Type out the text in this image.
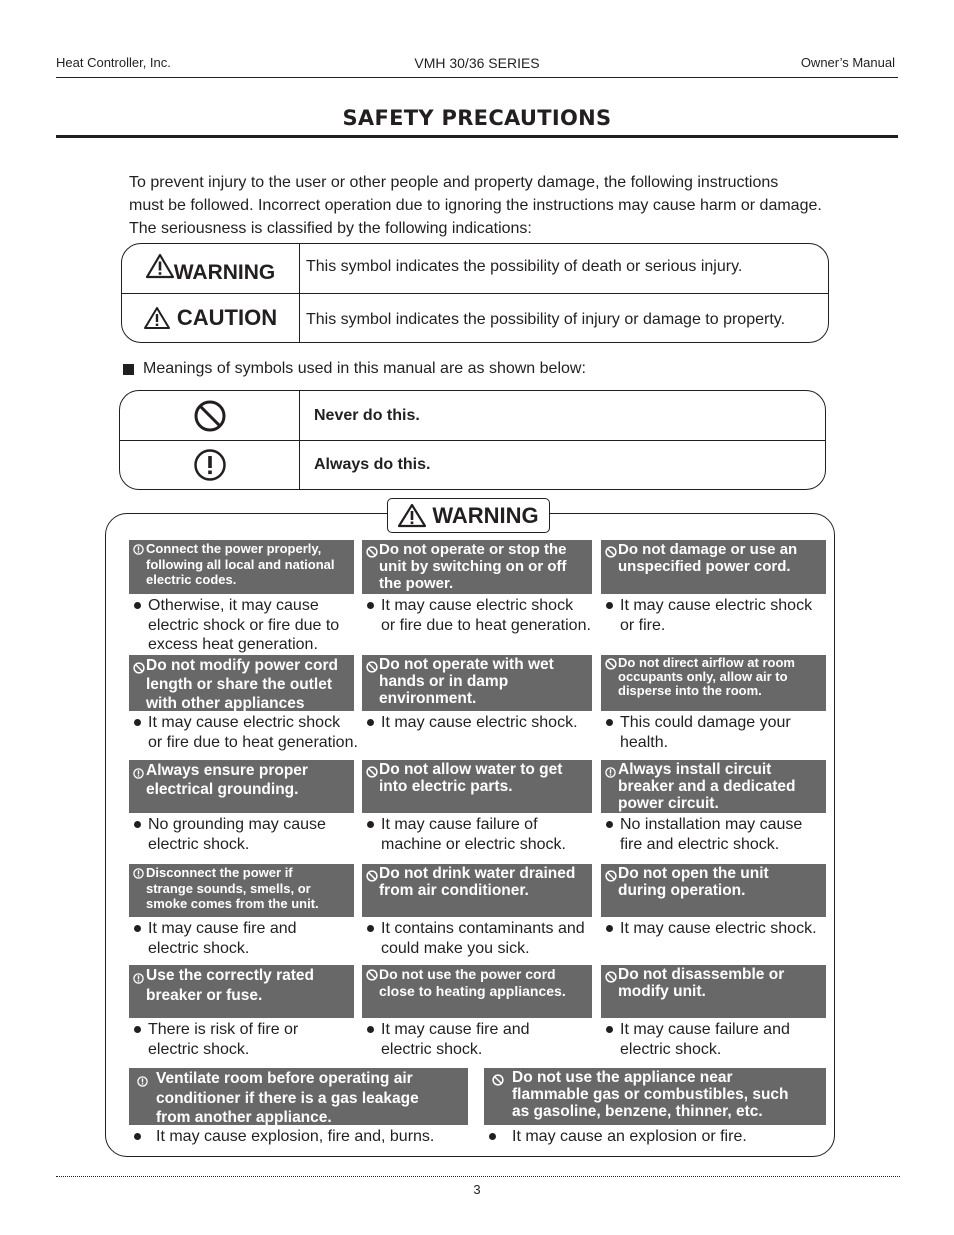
Heat Controller, Inc.	VMH 30/36 SERIES	Owner’s Manual
SAFETY PRECAUTIONS
To prevent injury to the user or other people and property damage, the following instructions
must be followed. Incorrect operation due to ignoring the instructions may cause harm or damage.
The seriousness is classified by the following indications:
WARNING	This symbol indicates the possibility of death or serious injury.
CAUTION	This symbol indicates the possibility of injury or damage to property.
Meanings of symbols used in this manual are as shown below:
Never do this.
Always do this.
WARNING
Connect the power properly,
following all local and national
electric codes.
Otherwise, it may cause
electric shock or fire due to
excess heat generation.
Do not operate or stop the
unit by switching on or off
the power.
It may cause electric shock
or fire due to heat generation.
Do not damage or use an
unspecified power cord.
It may cause electric shock
or fire.
Do not modify power cord
length or share the outlet
with other appliances
It may cause electric shock
or fire due to heat generation.
Do not operate with wet
hands or in damp
environment.
It may cause electric shock.
Do not direct airflow at room
occupants only, allow air to
disperse into the room.
This could damage your
health.
Always ensure proper
electrical grounding.
No grounding may cause
electric shock.
Do not allow water to get
into electric parts.
It may cause failure of
machine or electric shock.
Always install circuit
breaker and a dedicated
power circuit.
No installation may cause
fire and electric shock.
Disconnect the power if
strange sounds, smells, or
smoke comes from the unit.
It may cause fire and
electric shock.
Do not drink water drained
from air conditioner.
It contains contaminants and
could make you sick.
Do not open the unit
during operation.
It may cause electric shock.
Use the correctly rated
breaker or fuse.
There is risk of fire or
electric shock.
Do not use the power cord
close to heating appliances.
It may cause fire and
electric shock.
Do not disassemble or
modify unit.
It may cause failure and
electric shock.
Ventilate room before operating air
conditioner if there is a gas leakage
from another appliance.
It may cause explosion, fire and, burns.
Do not use the appliance near
flammable gas or combustibles, such
as gasoline, benzene, thinner, etc.
It may cause an explosion or fire.
3
